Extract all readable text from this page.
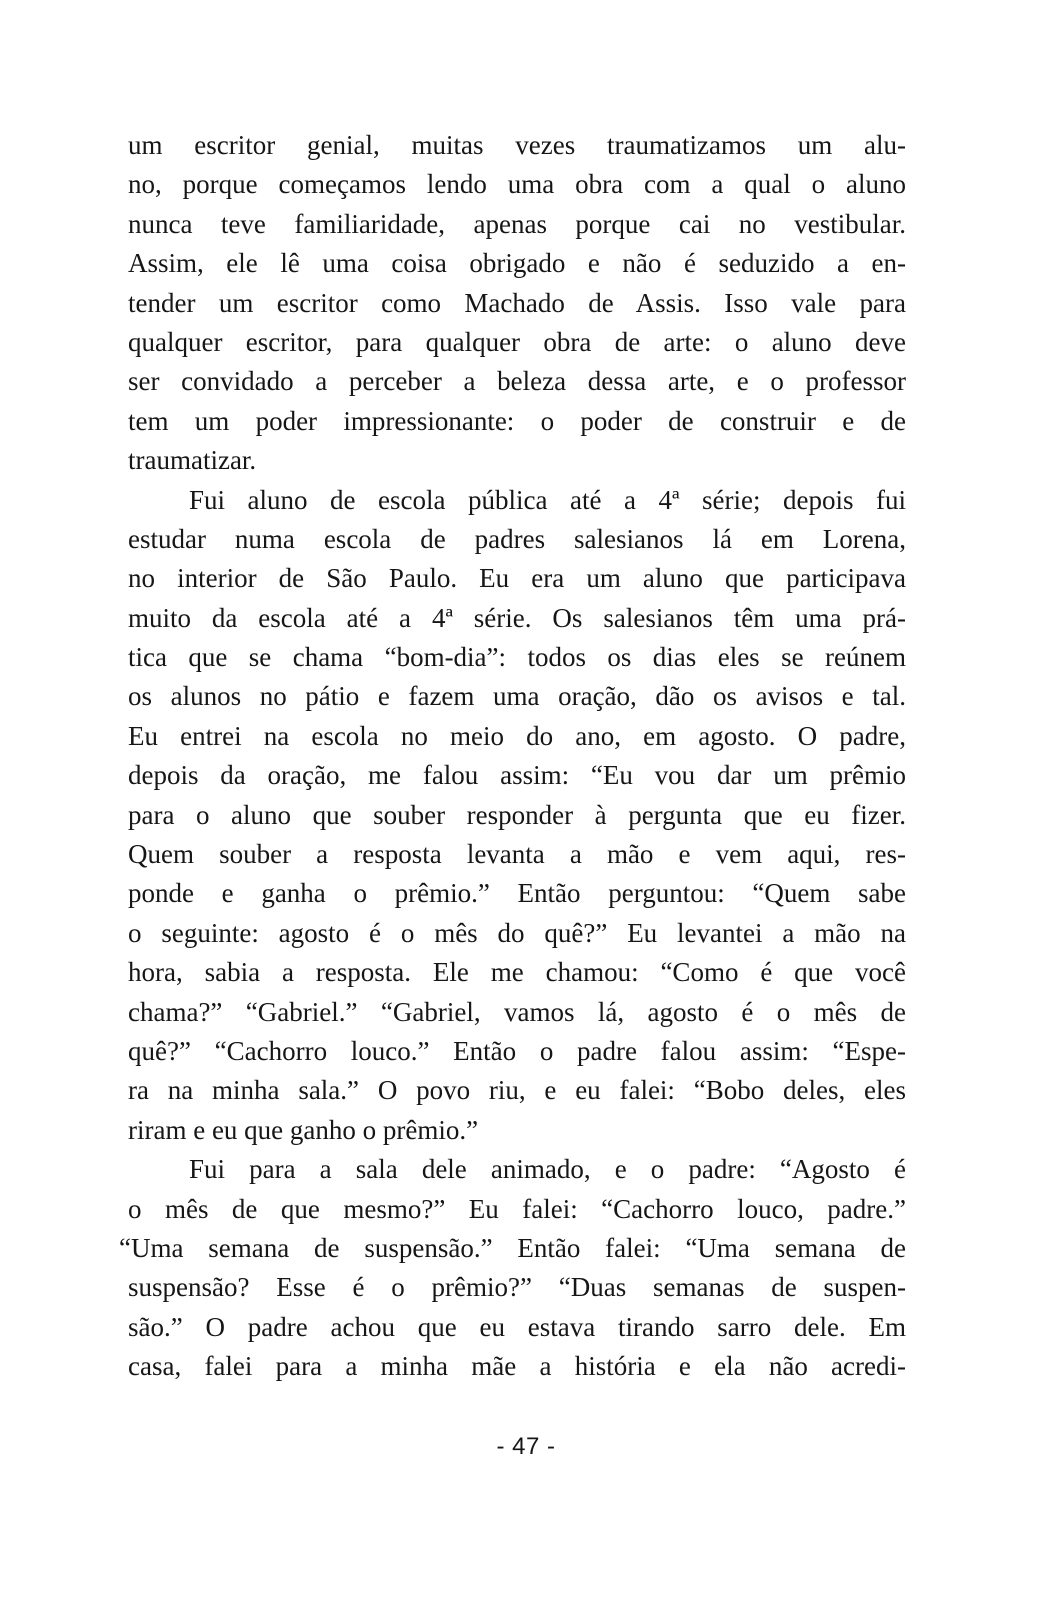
um escritor genial, muitas vezes traumatizamos um alu-
no, porque começamos lendo uma obra com a qual o aluno
nunca teve familiaridade, apenas porque cai no vestibular.
Assim, ele lê uma coisa obrigado e não é seduzido a en-
tender um escritor como Machado de Assis. Isso vale para
qualquer escritor, para qualquer obra de arte: o aluno deve
ser convidado a perceber a beleza dessa arte, e o professor
tem um poder impressionante: o poder de construir e de
traumatizar.
Fui aluno de escola pública até a 4ª série; depois fui
estudar numa escola de padres salesianos lá em Lorena,
no interior de São Paulo. Eu era um aluno que participava
muito da escola até a 4ª série. Os salesianos têm uma prá-
tica que se chama “bom-dia”: todos os dias eles se reúnem
os alunos no pátio e fazem uma oração, dão os avisos e tal.
Eu entrei na escola no meio do ano, em agosto. O padre,
depois da oração, me falou assim: “Eu vou dar um prêmio
para o aluno que souber responder à pergunta que eu fizer.
Quem souber a resposta levanta a mão e vem aqui, res-
ponde e ganha o prêmio.” Então perguntou: “Quem sabe
o seguinte: agosto é o mês do quê?” Eu levantei a mão na
hora, sabia a resposta. Ele me chamou: “Como é que você
chama?” “Gabriel.” “Gabriel, vamos lá, agosto é o mês de
quê?” “Cachorro louco.” Então o padre falou assim: “Espe-
ra na minha sala.” O povo riu, e eu falei: “Bobo deles, eles
riram e eu que ganho o prêmio.”
Fui para a sala dele animado, e o padre: “Agosto é
o mês de que mesmo?” Eu falei: “Cachorro louco, padre.”
“Uma semana de suspensão.” Então falei: “Uma semana de
suspensão? Esse é o prêmio?” “Duas semanas de suspen-
são.” O padre achou que eu estava tirando sarro dele. Em
casa, falei para a minha mãe a história e ela não acredi-
- 47 -
